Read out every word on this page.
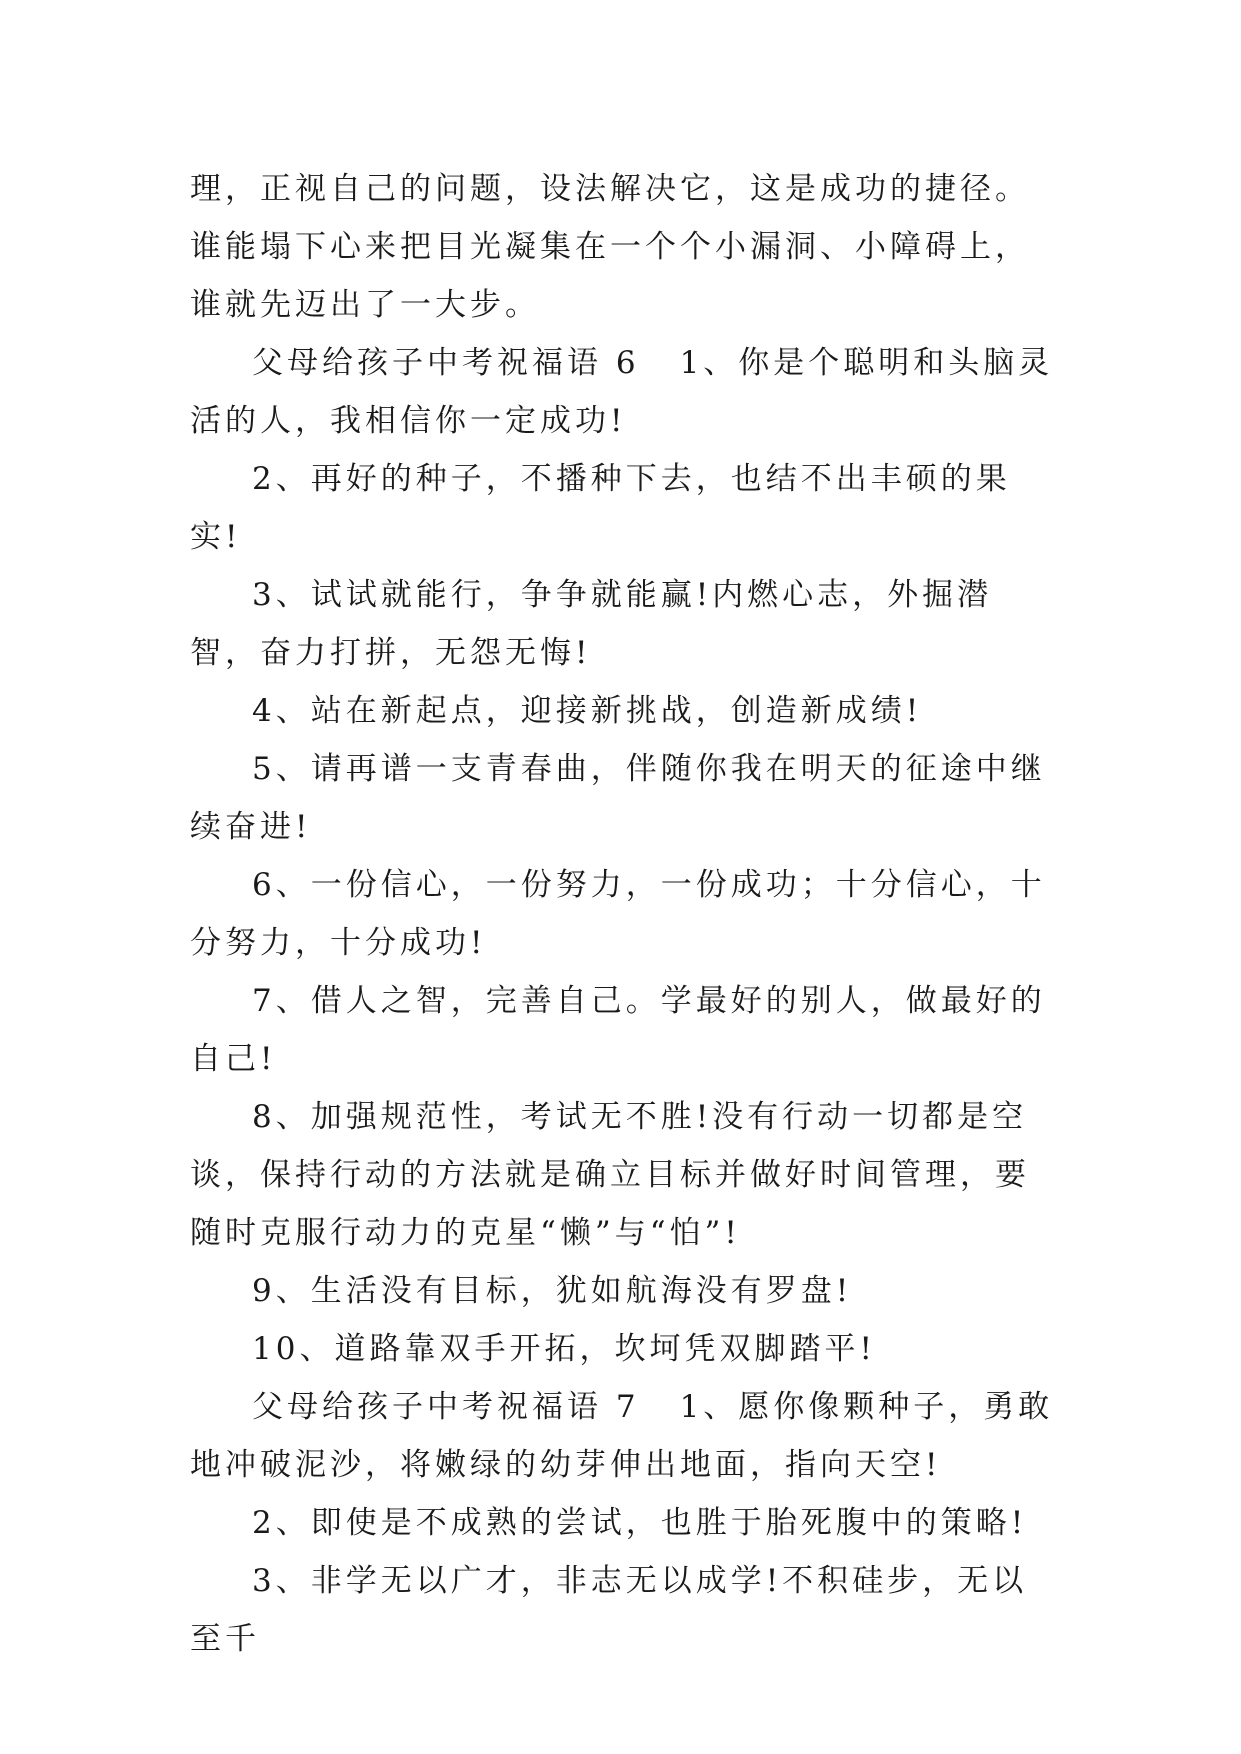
理，正视自己的问题，设法解决它，这是成功的捷径。谁能塌下心来把目光凝集在一个个小漏洞、小障碍上，谁就先迈出了一大步。

父母给孩子中考祝福语 6 1、你是个聪明和头脑灵活的人，我相信你一定成功!

2、再好的种子，不播种下去，也结不出丰硕的果实!

3、试试就能行，争争就能赢!内燃心志，外掘潜智，奋力打拼，无怨无悔!

4、站在新起点，迎接新挑战，创造新成绩!

5、请再谱一支青春曲，伴随你我在明天的征途中继续奋进!

6、一份信心，一份努力，一份成功；十分信心，十分努力，十分成功!

7、借人之智，完善自己。学最好的别人，做最好的自己!

8、加强规范性，考试无不胜!没有行动一切都是空谈，保持行动的方法就是确立目标并做好时间管理，要随时克服行动力的克星“懒”与“怕”!

9、生活没有目标，犹如航海没有罗盘!

10、道路靠双手开拓，坎坷凭双脚踏平!

父母给孩子中考祝福语 7 1、愿你像颗种子，勇敢地冲破泥沙，将嫩绿的幼芽伸出地面，指向天空!

2、即使是不成熟的尝试，也胜于胎死腹中的策略!

3、非学无以广才，非志无以成学!不积硅步，无以至千
